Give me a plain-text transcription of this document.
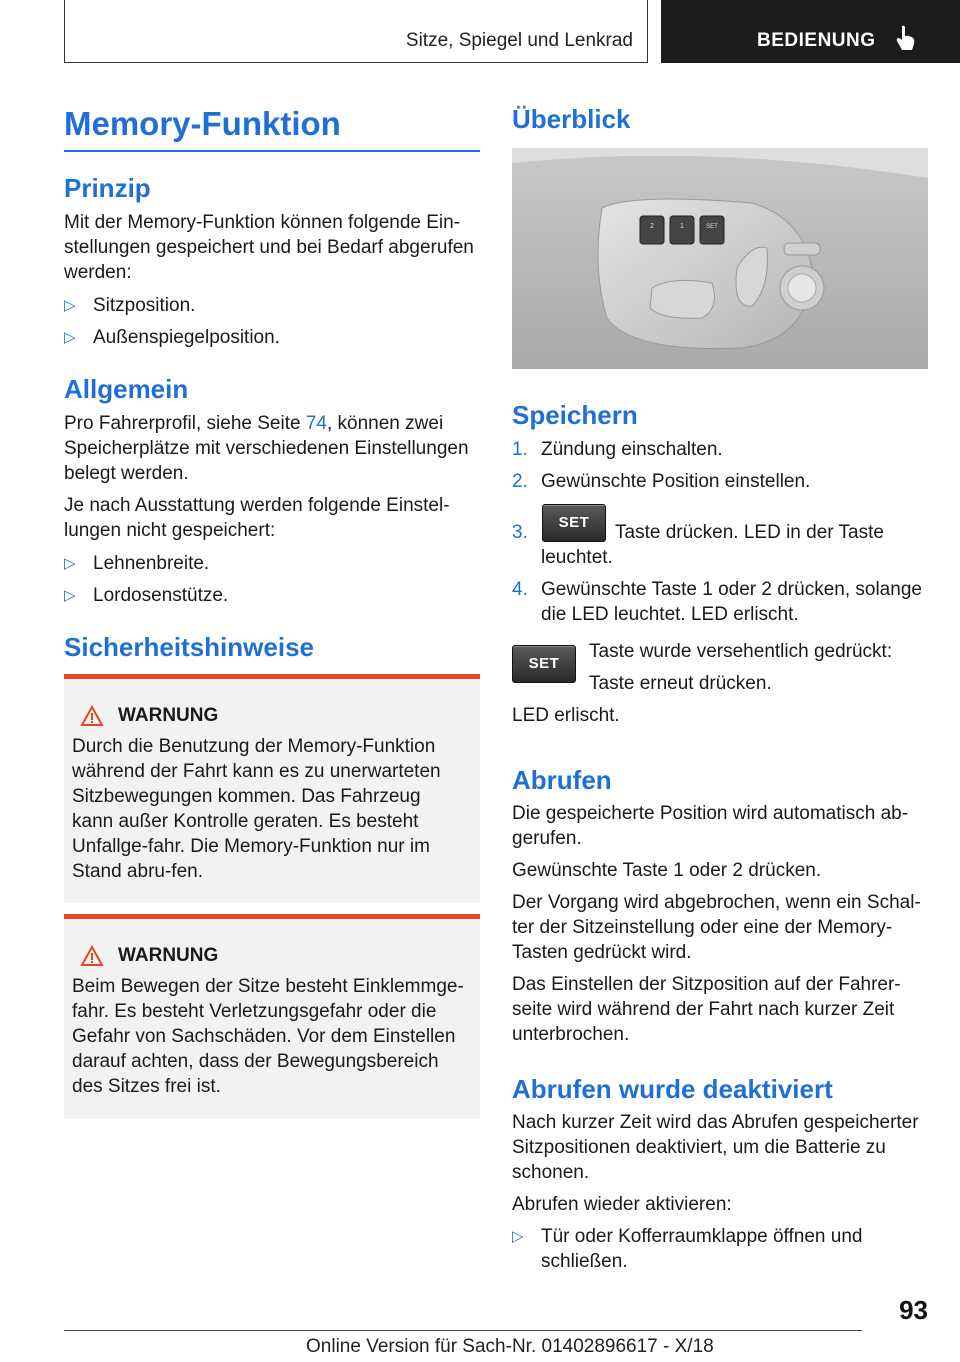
Sitze, Spiegel und Lenkrad	BEDIENUNG
Memory-Funktion
Prinzip

Mit der Memory-Funktion können folgende Ein-stellungen gespeichert und bei Bedarf abgerufen werden:

▷ Sitzposition.
▷ Außenspiegelposition.
Allgemein

Pro Fahrerprofil, siehe Seite 74, können zwei Speicherplätze mit verschiedenen Einstellungen belegt werden.

Je nach Ausstattung werden folgende Einstel-lungen nicht gespeichert:

▷ Lehnenbreite.
▷ Lordosenstütze.
Sicherheitshinweise
WARNUNG

Durch die Benutzung der Memory-Funktion während der Fahrt kann es zu unerwarteten Sitzbewegungen kommen. Das Fahrzeug kann außer Kontrolle geraten. Es besteht Unfallge-fahr. Die Memory-Funktion nur im Stand abru-fen.

WARNUNG

Beim Bewegen der Sitze besteht Einklemmge-fahr. Es besteht Verletzungsgefahr oder die Gefahr von Sachschäden. Vor dem Einstellen darauf achten, dass der Bewegungsbereich des Sitzes frei ist.

Überblick
2	1	SET
Speichern
1. Zündung einschalten.
2. Gewünschte Position einstellen.
3.	SET	Taste drücken. LED in der Taste leuchtet.

4. Gewünschte Taste 1 oder 2 drücken, solange die LED leuchtet. LED erlischt.
SET

Taste wurde versehentlich gedrückt:

Taste erneut drücken.

LED erlischt.

Abrufen

Die gespeicherte Position wird automatisch ab-gerufen.

Gewünschte Taste 1 oder 2 drücken.

Der Vorgang wird abgebrochen, wenn ein Schal-ter der Sitzeinstellung oder eine der Memory-Tasten gedrückt wird.

Das Einstellen der Sitzposition auf der Fahrer-seite wird während der Fahrt nach kurzer Zeit unterbrochen.

Abrufen wurde deaktiviert

Nach kurzer Zeit wird das Abrufen gespeicherter Sitzpositionen deaktiviert, um die Batterie zu schonen.

Abrufen wieder aktivieren:

▷ Tür oder Kofferraumklappe öffnen und schließen.
93
Online Version für Sach-Nr. 01402896617 - X/18
